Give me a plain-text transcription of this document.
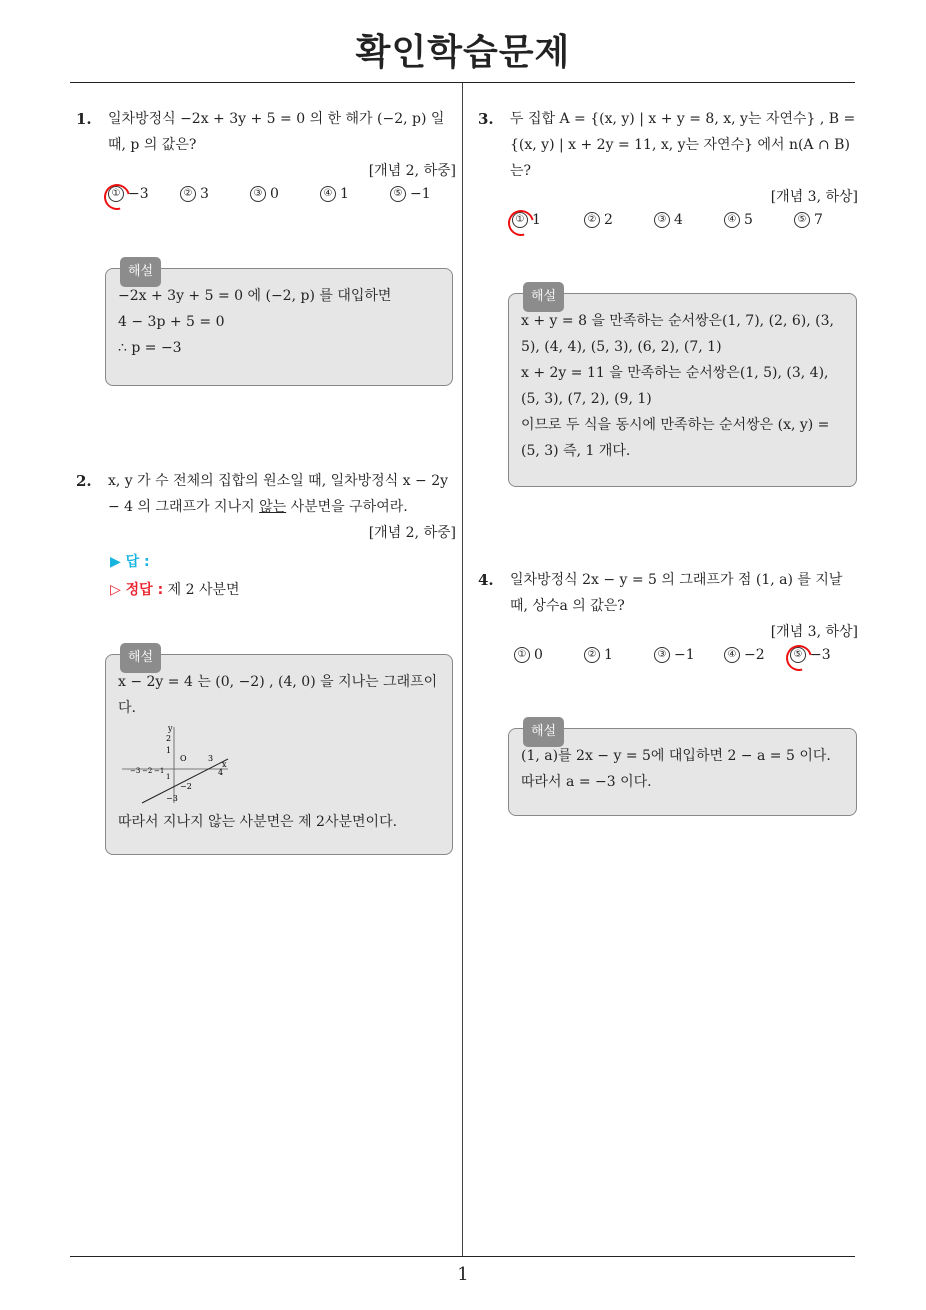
확인학습문제
1
1. 일차방정식 −2x + 3y + 5 = 0 의 한 해가 (−2, p) 일 때, p 의 값은?
[개념 2, 하중]
① −3	② 3	③ 0	④ 1	⑤ −1
해설

−2x + 3y + 5 = 0 에 (−2, p) 를 대입하면

4 − 3p + 5 = 0

∴ p = −3

2. x, y 가 수 전체의 집합의 원소일 때, 일차방정식 x − 2y − 4 의 그래프가 지나지 않는 사분면을 구하여라.
[개념 2, 하중]
▶ 답 :
▷ 정답 : 제 2 사분면
해설

x − 2y = 4 는 (0, −2) , (4, 0) 을 지나는 그래프이다.

y
x
O
2
1
3
−3 −2 −1
1	4
−2
−3

따라서 지나지 않는 사분면은 제 2사분면이다.

3. 두 집합 A = {(x, y) | x + y = 8, x, y는 자연수} , B = {(x, y) | x + 2y = 11, x, y는 자연수} 에서 n(A ∩ B) 는?
[개념 3, 하상]
① 1	② 2	③ 4	④ 5	⑤ 7
해설

x + y = 8 을 만족하는 순서쌍은(1, 7), (2, 6), (3, 5), (4, 4), (5, 3), (6, 2), (7, 1)

x + 2y = 11 을 만족하는 순서쌍은(1, 5), (3, 4), (5, 3), (7, 2), (9, 1)

이므로 두 식을 동시에 만족하는 순서쌍은 (x, y) = (5, 3) 즉, 1 개다.

4. 일차방정식 2x − y = 5 의 그래프가 점 (1, a) 를 지날 때, 상수a 의 값은?
[개념 3, 하상]
① 0	② 1	③ −1	④ −2	⑤ −3
해설

(1, a)를 2x − y = 5에 대입하면 2 − a = 5 이다.

따라서 a = −3 이다.
